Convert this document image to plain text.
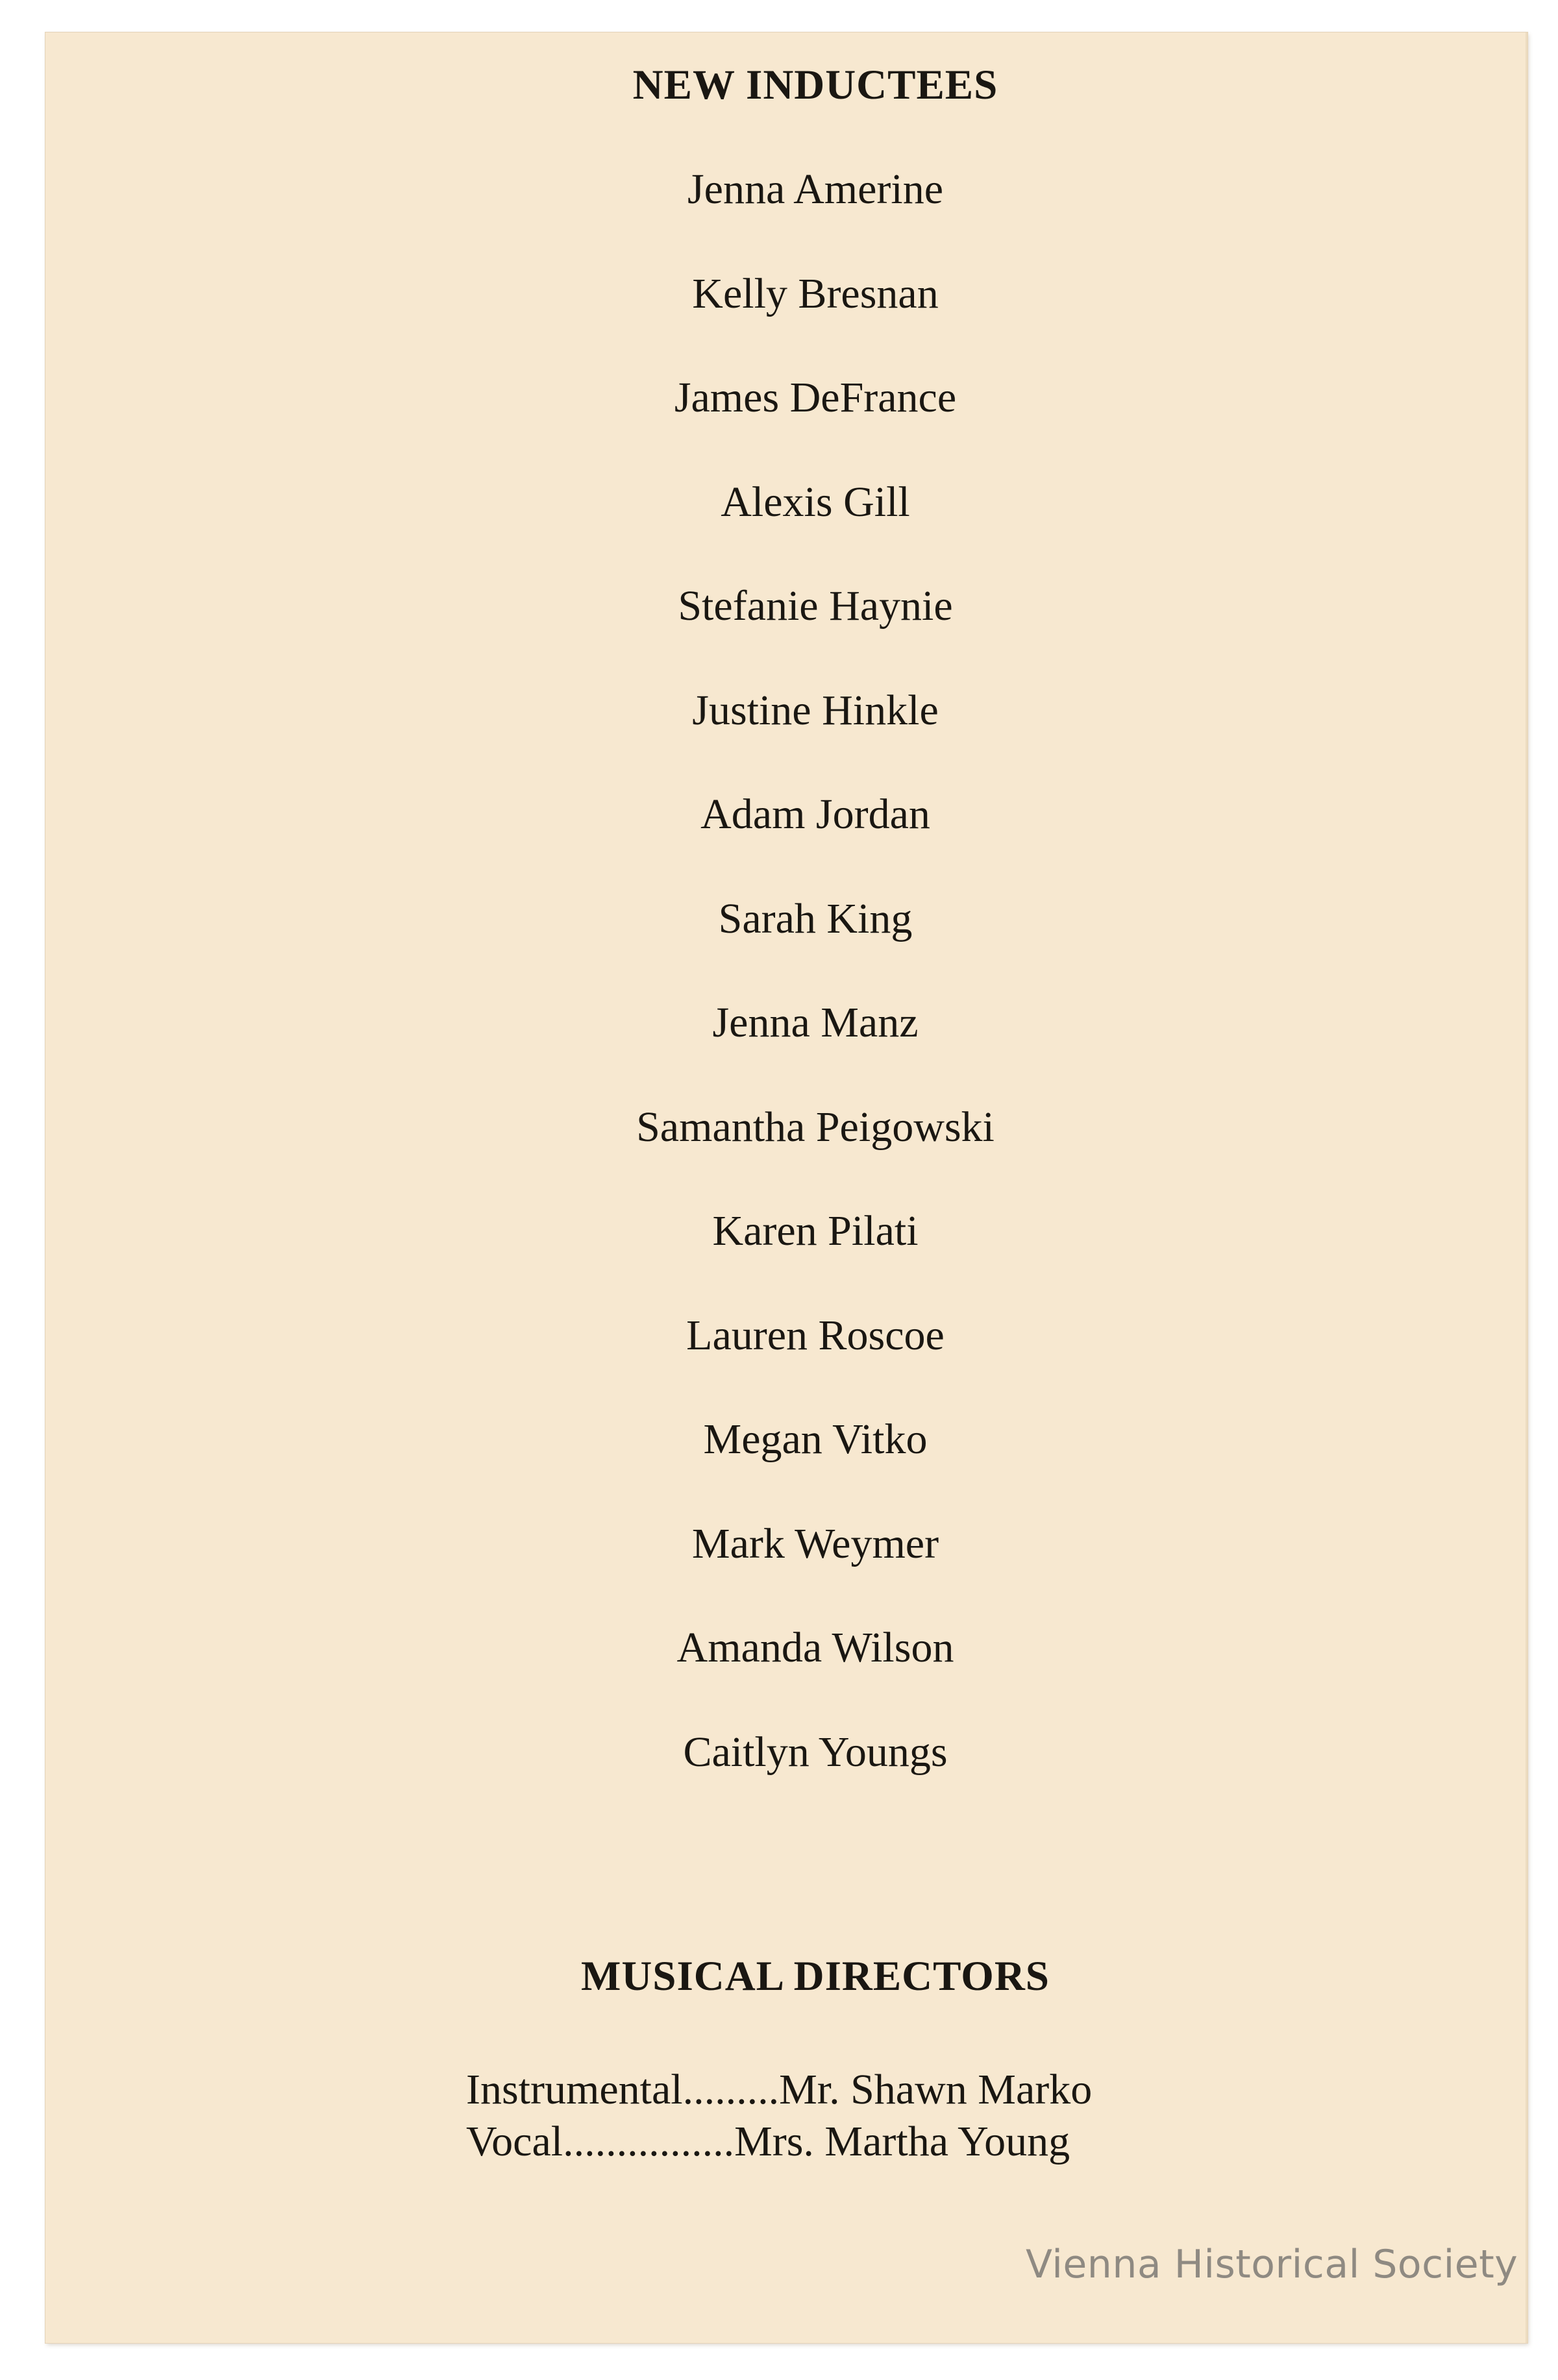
NEW INDUCTEES
Jenna Amerine
Kelly Bresnan
James DeFrance
Alexis Gill
Stefanie Haynie
Justine Hinkle
Adam Jordan
Sarah King
Jenna Manz
Samantha Peigowski
Karen Pilati
Lauren Roscoe
Megan Vitko
Mark Weymer
Amanda Wilson
Caitlyn Youngs
MUSICAL DIRECTORS
Instrumental.........Mr. Shawn Marko
Vocal................Mrs. Martha Young
Vienna Historical Society
